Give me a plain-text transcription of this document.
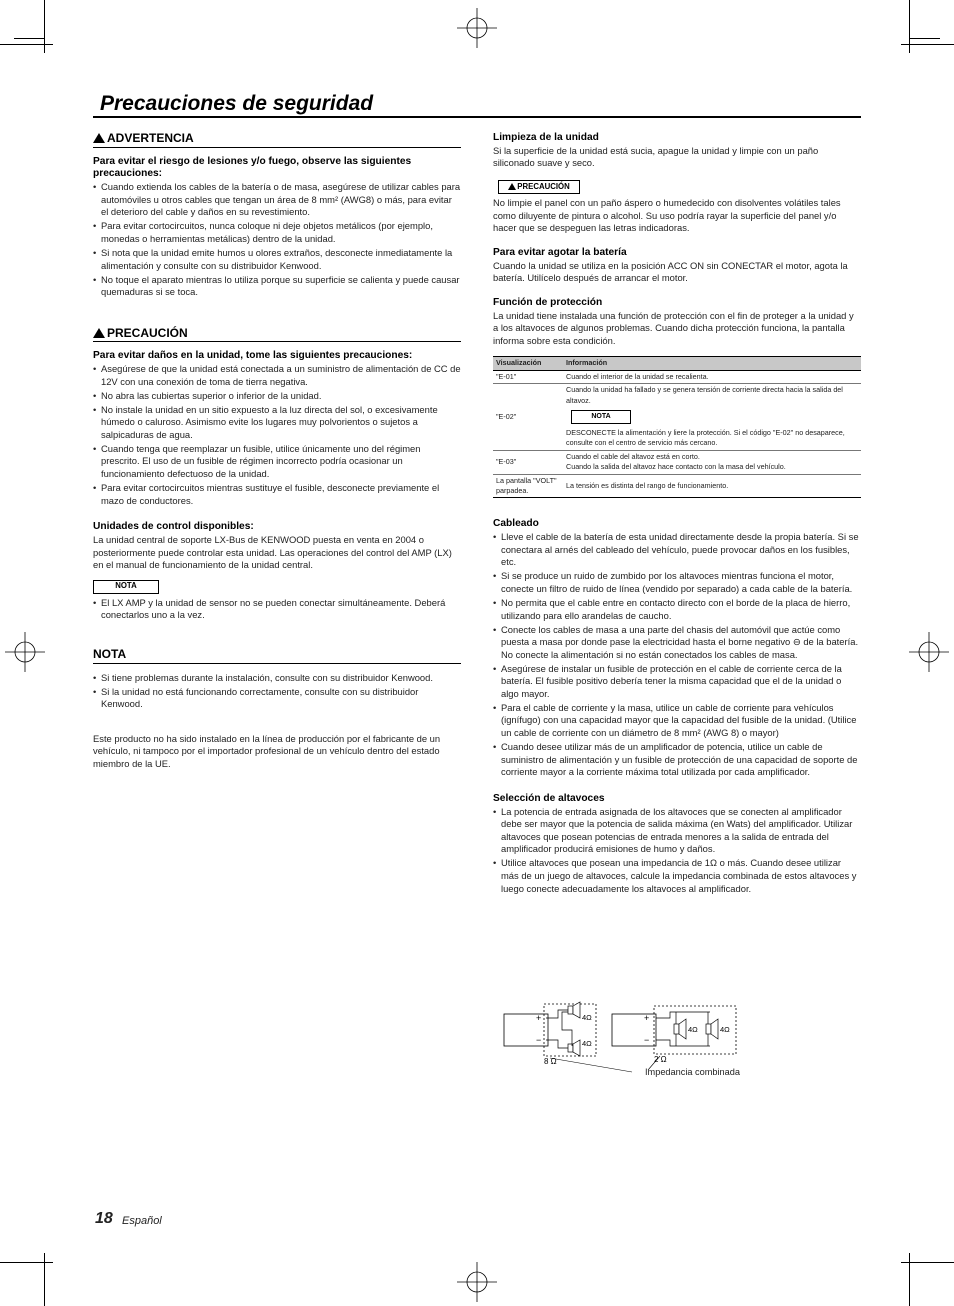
Precauciones de seguridad
ADVERTENCIA

Para evitar el riesgo de lesiones y/o fuego, observe las siguientes precauciones:

• Cuando extienda los cables de la batería o de masa, asegúrese de utilizar cables para automóviles u otros cables que tengan un área de 8 mm² (AWG8) o más, para evitar el deterioro del cable y daños en su revestimiento.
• Para evitar cortocircuitos, nunca coloque ni deje objetos metálicos (por ejemplo, monedas o herramientas metálicas) dentro de la unidad.
• Si nota que la unidad emite humos u olores extraños, desconecte inmediatamente la alimentación y consulte con su distribuidor Kenwood.
• No toque el aparato mientras lo utiliza porque su superficie se calienta y puede causar quemaduras si se toca.
PRECAUCIÓN

Para evitar daños en la unidad, tome las siguientes precauciones:

• Asegúrese de que la unidad está conectada a un suministro de alimentación de CC de 12V con una conexión de toma de tierra negativa.
• No abra las cubiertas superior o inferior de la unidad.
• No instale la unidad en un sitio expuesto a la luz directa del sol, o excesivamente húmedo o caluroso. Asimismo evite los lugares muy polvorientos o sujetos a salpicaduras de agua.
• Cuando tenga que reemplazar un fusible, utilice únicamente uno del régimen prescrito. El uso de un fusible de régimen incorrecto podría ocasionar un funcionamiento defectuoso de la unidad.
• Para evitar cortocircuitos mientras sustituye el fusible, desconecte previamente el mazo de conductores.

Unidades de control disponibles:

La unidad central de soporte LX-Bus de KENWOOD puesta en venta en 2004 o posteriormente puede controlar esta unidad. Las operaciones del control del AMP (LX) en el manual de funcionamiento de la unidad central.

NOTA
• El LX AMP y la unidad de sensor no se pueden conectar simultáneamente. Deberá conectarlos uno a la vez.
NOTA
• Si tiene problemas durante la instalación, consulte con su distribuidor Kenwood.
• Si la unidad no está funcionando correctamente, consulte con su distribuidor Kenwood.

Este producto no ha sido instalado en la línea de producción por el fabricante de un vehículo, ni tampoco por el importador profesional de un vehículo dentro del estado miembro de la UE.

Limpieza de la unidad

Si la superficie de la unidad está sucia, apague la unidad y limpie con un paño siliconado suave y seco.

PRECAUCIÓN

No limpie el panel con un paño áspero o humedecido con disolventes volátiles tales como diluyente de pintura o alcohol. Su uso podría rayar la superficie del panel y/o hacer que se despeguen las letras indicadoras.

Para evitar agotar la batería

Cuando la unidad se utiliza en la posición ACC ON sin CONECTAR el motor, agota la batería. Utilícelo después de arrancar el motor.

Función de protección

La unidad tiene instalada una función de protección con el fin de proteger a la unidad y a los altavoces de algunos problemas. Cuando dicha protección funciona, la pantalla informa sobre esta condición.

Visualización	Información
"E-01"	Cuando el interior de la unidad se recalienta.
"E-02"	Cuando la unidad ha fallado y se genera tensión de corriente directa hacia la salida del altavoz.
NOTA
DESCONECTE la alimentación y liere la protección. Si el código "E-02" no desaparece, consulte con el centro de servicio más cercano.

"E-03"	Cuando el cable del altavoz está en corto.
Cuando la salida del altavoz hace contacto con la masa del vehículo.

La pantalla "VOLT" parpadea.	La tensión es distinta del rango de funcionamiento.

Cableado

• Lleve el cable de la batería de esta unidad directamente desde la propia batería. Si se conectara al arnés del cableado del vehículo, puede provocar daños en los fusibles, etc.
• Si se produce un ruido de zumbido por los altavoces mientras funciona el motor, conecte un filtro de ruido de línea (vendido por separado) a cada cable de la batería.
• No permita que el cable entre en contacto directo con el borde de la placa de hierro, utilizando para ello arandelas de caucho.
• Conecte los cables de masa a una parte del chasis del automóvil que actúe como puesta a masa por donde pase la electricidad hasta el borne negativo ⊖ de la batería. No conecte la alimentación si no están conectados los cables de masa.
• Asegúrese de instalar un fusible de protección en el cable de corriente cerca de la batería. El fusible positivo debería tener la misma capacidad que el de la unidad o algo mayor.
• Para el cable de corriente y la masa, utilice un cable de corriente para vehículos (ignífugo) con una capacidad mayor que la capacidad del fusible de la unidad. (Utilice un cable de corriente con un diámetro de 8 mm² (AWG 8) o mayor)
• Cuando desee utilizar más de un amplificador de potencia, utilice un cable de suministro de alimentación y un fusible de protección de una capacidad de soporte de corriente mayor a la corriente máxima total utilizada por cada amplificador.

Selección de altavoces

• La potencia de entrada asignada de los altavoces que se conecten al amplificador debe ser mayor que la potencia de salida máxima (en Wats) del amplificador. Utilizar altavoces que posean potencias de entrada menores a la salida de entrada del amplificador producirá emisiones de humo y daños.
• Utilice altavoces que posean una impedancia de 1Ω o más. Cuando desee utilizar más de un juego de altavoces, calcule la impedancia combinada de estos altavoces y luego conecte adecuadamente los altavoces al amplificador.
+
−
4Ω
4Ω
8 Ω
+
−
4Ω	4Ω
2 Ω
Impedancia combinada
18 Español
